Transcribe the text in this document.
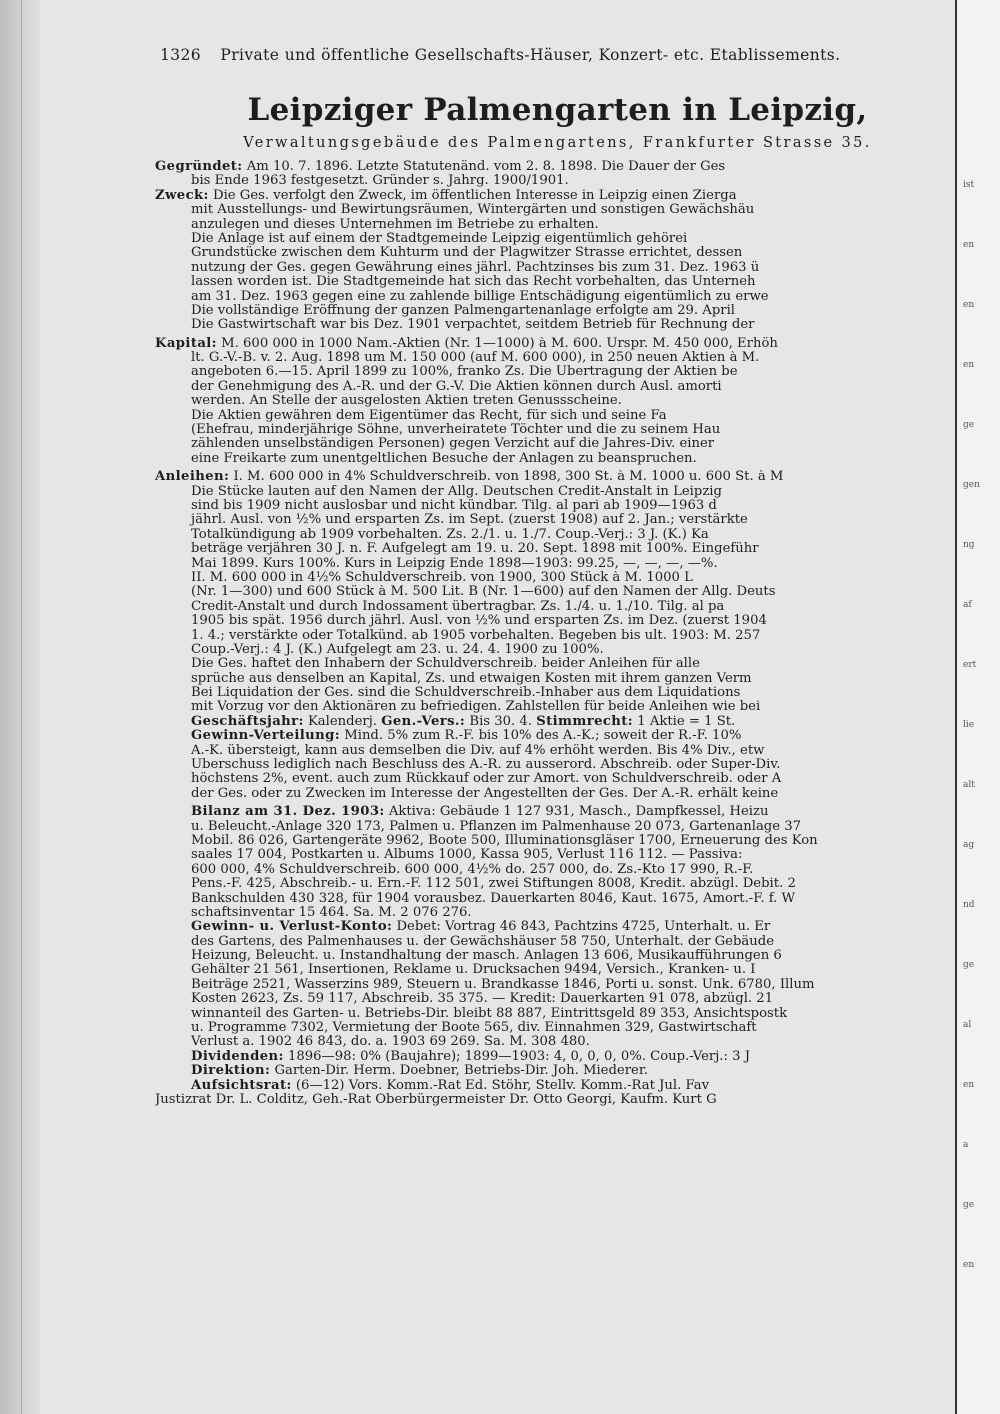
1326 Private und öffentliche Gesellschafts-Häuser, Konzert- etc. Etablissements.
Leipziger Palmengarten in Leipzig,
Verwaltungsgebäude des Palmengartens, Frankfurter Strasse 35.
Gegründet: Am 10. 7. 1896. Letzte Statutenänd. vom 2. 8. 1898. Die Dauer der Ges
bis Ende 1963 festgesetzt. Gründer s. Jahrg. 1900/1901.
Zweck: Die Ges. verfolgt den Zweck, im öffentlichen Interesse in Leipzig einen Zierga
mit Ausstellungs- und Bewirtungsräumen, Wintergärten und sonstigen Gewächshäu
anzulegen und dieses Unternehmen im Betriebe zu erhalten.
Die Anlage ist auf einem der Stadtgemeinde Leipzig eigentümlich gehörei
Grundstücke zwischen dem Kuhturm und der Plagwitzer Strasse errichtet, dessen
nutzung der Ges. gegen Gewährung eines jährl. Pachtzinses bis zum 31. Dez. 1963 ü
lassen worden ist. Die Stadtgemeinde hat sich das Recht vorbehalten, das Unterneh
am 31. Dez. 1963 gegen eine zu zahlende billige Entschädigung eigentümlich zu erwe
Die vollständige Eröffnung der ganzen Palmengartenanlage erfolgte am 29. April
Die Gastwirtschaft war bis Dez. 1901 verpachtet, seitdem Betrieb für Rechnung der
Kapital: M. 600 000 in 1000 Nam.-Aktien (Nr. 1—1000) à M. 600. Urspr. M. 450 000, Erhöh
lt. G.-V.-B. v. 2. Aug. 1898 um M. 150 000 (auf M. 600 000), in 250 neuen Aktien à M.
angeboten 6.—15. April 1899 zu 100%, franko Zs. Die Übertragung der Aktien be
der Genehmigung des A.-R. und der G.-V. Die Aktien können durch Ausl. amorti
werden. An Stelle der ausgelosten Aktien treten Genussscheine.
Die Aktien gewähren dem Eigentümer das Recht, für sich und seine Fa
(Ehefrau, minderjährige Söhne, unverheiratete Töchter und die zu seinem Hau
zählenden unselbständigen Personen) gegen Verzicht auf die Jahres-Div. einer
eine Freikarte zum unentgeltlichen Besuche der Anlagen zu beanspruchen.
Anleihen: I. M. 600 000 in 4% Schuldverschreib. von 1898, 300 St. à M. 1000 u. 600 St. à M
Die Stücke lauten auf den Namen der Allg. Deutschen Credit-Anstalt in Leipzig
sind bis 1909 nicht auslosbar und nicht kündbar. Tilg. al pari ab 1909—1963 d
jährl. Ausl. von ½% und ersparten Zs. im Sept. (zuerst 1908) auf 2. Jan.; verstärkte
Totalkündigung ab 1909 vorbehalten. Zs. 2./1. u. 1./7. Coup.-Verj.: 3 J. (K.) Ka
beträge verjähren 30 J. n. F. Aufgelegt am 19. u. 20. Sept. 1898 mit 100%. Eingeführ
Mai 1899. Kurs 100%. Kurs in Leipzig Ende 1898—1903: 99.25, —, —, —, —%.
II. M. 600 000 in 4½% Schuldverschreib. von 1900, 300 Stück à M. 1000 L
(Nr. 1—300) und 600 Stück à M. 500 Lit. B (Nr. 1—600) auf den Namen der Allg. Deuts
Credit-Anstalt und durch Indossament übertragbar. Zs. 1./4. u. 1./10. Tilg. al pa
1905 bis spät. 1956 durch jährl. Ausl. von ½% und ersparten Zs. im Dez. (zuerst 1904
1. 4.; verstärkte oder Totalkünd. ab 1905 vorbehalten. Begeben bis ult. 1903: M. 257
Coup.-Verj.: 4 J. (K.) Aufgelegt am 23. u. 24. 4. 1900 zu 100%.
Die Ges. haftet den Inhabern der Schuldverschreib. beider Anleihen für alle
sprüche aus denselben an Kapital, Zs. und etwaigen Kosten mit ihrem ganzen Verm
Bei Liquidation der Ges. sind die Schuldverschreib.-Inhaber aus dem Liquidations
mit Vorzug vor den Aktionären zu befriedigen. Zahlstellen für beide Anleihen wie bei
Geschäftsjahr: Kalenderj. Gen.-Vers.: Bis 30. 4. Stimmrecht: 1 Aktie = 1 St.
Gewinn-Verteilung: Mind. 5% zum R.-F. bis 10% des A.-K.; soweit der R.-F. 10%
A.-K. übersteigt, kann aus demselben die Div. auf 4% erhöht werden. Bis 4% Div., etw
Überschuss lediglich nach Beschluss des A.-R. zu ausserord. Abschreib. oder Super-Div.
höchstens 2%, event. auch zum Rückkauf oder zur Amort. von Schuldverschreib. oder A
der Ges. oder zu Zwecken im Interesse der Angestellten der Ges. Der A.-R. erhält keine
Bilanz am 31. Dez. 1903: Aktiva: Gebäude 1 127 931, Masch., Dampfkessel, Heizu
u. Beleucht.-Anlage 320 173, Palmen u. Pflanzen im Palmenhause 20 073, Gartenanlage 37
Mobil. 86 026, Gartengeräte 9962, Boote 500, Illuminationsgläser 1700, Erneuerung des Kon
saales 17 004, Postkarten u. Albums 1000, Kassa 905, Verlust 116 112. — Passiva:
600 000, 4% Schuldverschreib. 600 000, 4½% do. 257 000, do. Zs.-Kto 17 990, R.-F.
Pens.-F. 425, Abschreib.- u. Ern.-F. 112 501, zwei Stiftungen 8008, Kredit. abzügl. Debit. 2
Bankschulden 430 328, für 1904 vorausbez. Dauerkarten 8046, Kaut. 1675, Amort.-F. f. W
schaftsinventar 15 464. Sa. M. 2 076 276.
Gewinn- u. Verlust-Konto: Debet: Vortrag 46 843, Pachtzins 4725, Unterhalt. u. Er
des Gartens, des Palmenhauses u. der Gewächshäuser 58 750, Unterhalt. der Gebäude
Heizung, Beleucht. u. Instandhaltung der masch. Anlagen 13 606, Musikaufführungen 6
Gehälter 21 561, Insertionen, Reklame u. Drucksachen 9494, Versich., Kranken- u. I
Beiträge 2521, Wasserzins 989, Steuern u. Brandkasse 1846, Porti u. sonst. Unk. 6780, Illum
Kosten 2623, Zs. 59 117, Abschreib. 35 375. — Kredit: Dauerkarten 91 078, abzügl. 21
winnanteil des Garten- u. Betriebs-Dir. bleibt 88 887, Eintrittsgeld 89 353, Ansichtspostk
u. Programme 7302, Vermietung der Boote 565, div. Einnahmen 329, Gastwirtschaft
Verlust a. 1902 46 843, do. a. 1903 69 269. Sa. M. 308 480.
Dividenden: 1896—98: 0% (Baujahre); 1899—1903: 4, 0, 0, 0, 0%. Coup.-Verj.: 3 J
Direktion: Garten-Dir. Herm. Doebner, Betriebs-Dir. Joh. Miederer.
Aufsichtsrat: (6—12) Vors. Komm.-Rat Ed. Stöhr, Stellv. Komm.-Rat Jul. Fav
Justizrat Dr. L. Colditz, Geh.-Rat Oberbürgermeister Dr. Otto Georgi, Kaufm. Kurt G
ist
en
en
en
ge
gen
ng
af
ert
lie
alt
ag
nd
ge
al
en
a
ge
en
